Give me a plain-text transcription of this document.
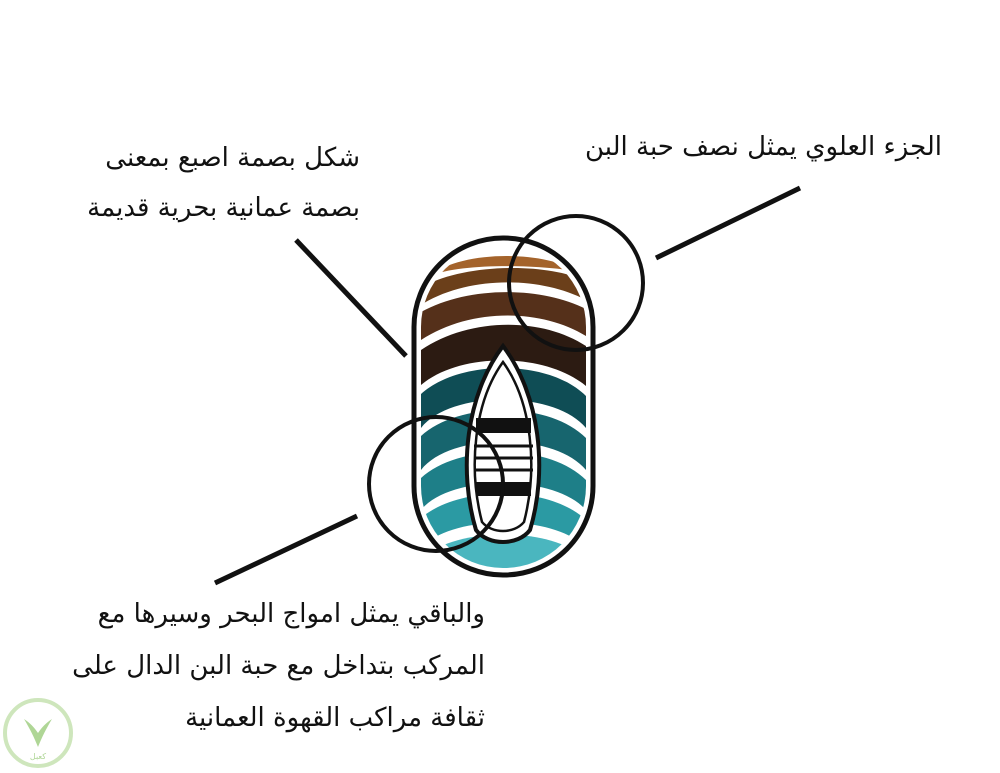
الجزء العلوي يمثل نصف حبة البن
شكل بصمة اصبع بمعنى
بصمة عمانية بحرية قديمة
والباقي يمثل امواج البحر وسيرها مع
المركب بتداخل مع حبة البن الدال على
ثقافة مراكب القهوة العمانية
كعبل
